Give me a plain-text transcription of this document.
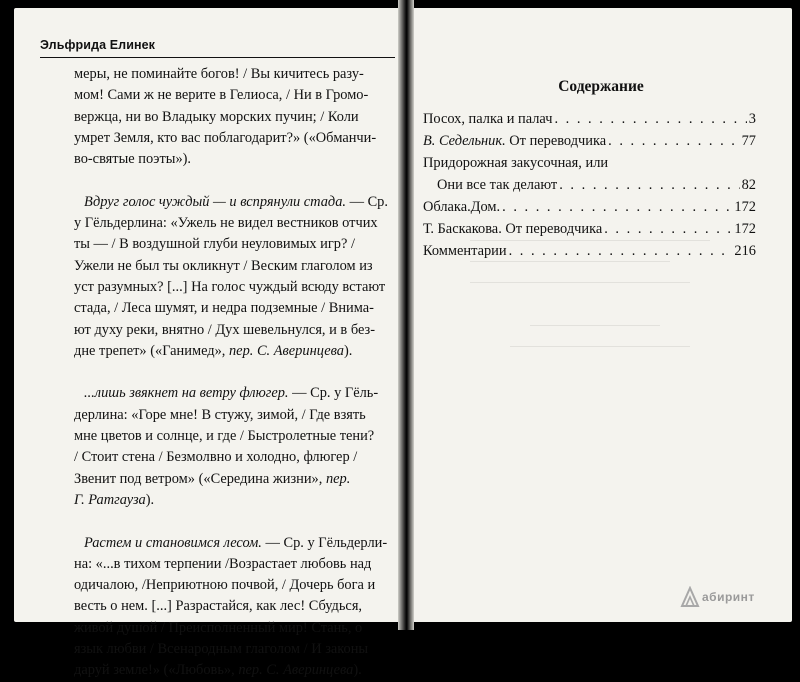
Эльфрида Елинек
меры, не поминайте богов! / Вы кичитесь разу-
мом! Сами ж не верите в Гелиоса, / Ни в Громо-
вержца, ни во Владыку морских пучин; / Коли
умрет Земля, кто вас поблагодарит?» («Обманчи-
во-святые поэты»).
Вдруг голос чуждый — и вспрянули стада. — Ср.
у Гёльдерлина: «Ужель не видел вестников отчих
ты — / В воздушной глуби неуловимых игр? /
Ужели не был ты окликнут / Веским глаголом из
уст разумных? [...] На голос чуждый всюду встают
стада, / Леса шумят, и недра подземные / Внима-
ют духу реки, внятно / Дух шевельнулся, и в без-
дне трепет» («Ганимед», пер. С. Аверинцева).
...лишь звякнет на ветру флюгер. — Ср. у Гёль-
дерлина: «Горе мне! В стужу, зимой, / Где взять
мне цветов и солнце, и где / Быстролетные тени?
/ Стоит стена / Безмолвно и холодно, флюгер /
Звенит под ветром» («Середина жизни», пер.
Г. Ратгауза).
Растем и становимся лесом. — Ср. у Гёльдерли-
на: «...в тихом терпении /Возрастает любовь над
одичалою, /Неприютною почвой, / Дочерь бога и
весть о нем. [...] Разрастайся, как лес! Сбудься,
живой душой / Преисполненный мир! Стань, о
язык любви / Всенародным глаголом / И законы
даруй земле!» («Любовь», пер. С. Аверинцева).
Содержание
Посох, палка и палач . . .	3
В. Седельник. От переводчика . . .	77
Придорожная закусочная, или
Они все так делают . . .	82
Облака.Дом. . . .	172
Т. Баскакова. От переводчика . . .	172
Комментарии . . .	216
абиринт
